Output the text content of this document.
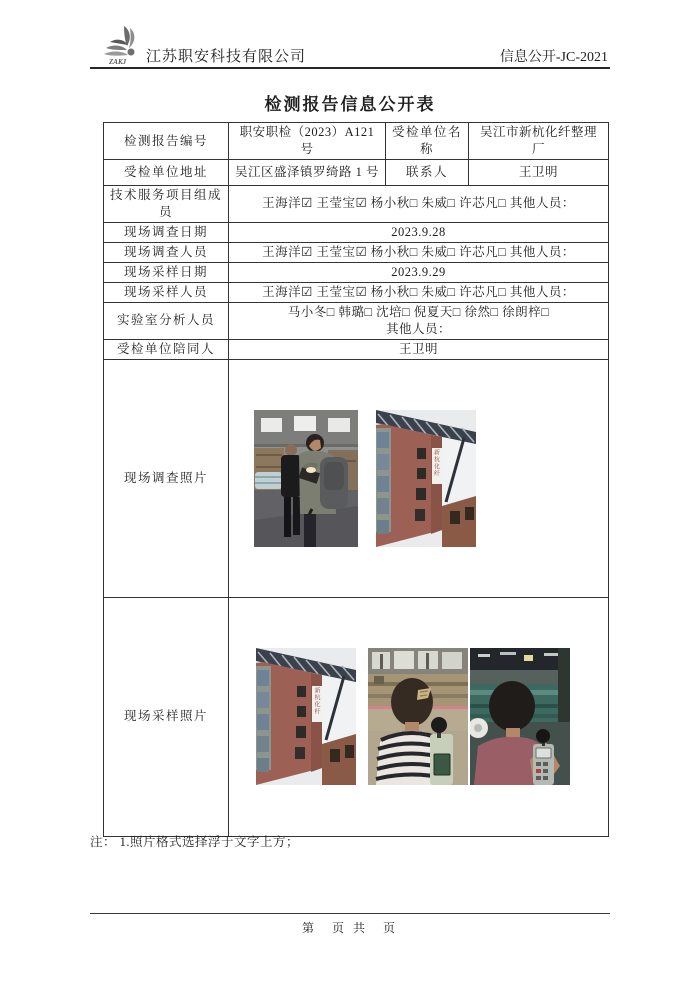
ZAKJ 江苏职安科技有限公司	信息公开-JC-2021
检测报告信息公开表
检测报告编号	职安职检（2023）A121 号	受检单位名称	吴江市新杭化纤整理厂
受检单位地址	吴江区盛泽镇罗绮路 1 号	联系人	王卫明
技术服务项目组成员	王海洋☑ 王莹宝☑ 杨小秋□ 朱威□ 许芯凡□ 其他人员：		
现场调查日期	2023.9.28		
现场调查人员	王海洋☑ 王莹宝☑ 杨小秋□ 朱威□ 许芯凡□ 其他人员：		
现场采样日期	2023.9.29		
现场采样人员	王海洋☑ 王莹宝☑ 杨小秋□ 朱威□ 许芯凡□ 其他人员：		
实验室分析人员	马小冬□ 韩璐□ 沈培□ 倪夏天□ 徐然□ 徐朗梓□
其他人员：		

受检单位陪同人	王卫明		
现场调查照片	新杭化纤		

现场采样照片	新杭化纤		
注： 1.照片格式选择浮于文字上方；
第　页 共　页
